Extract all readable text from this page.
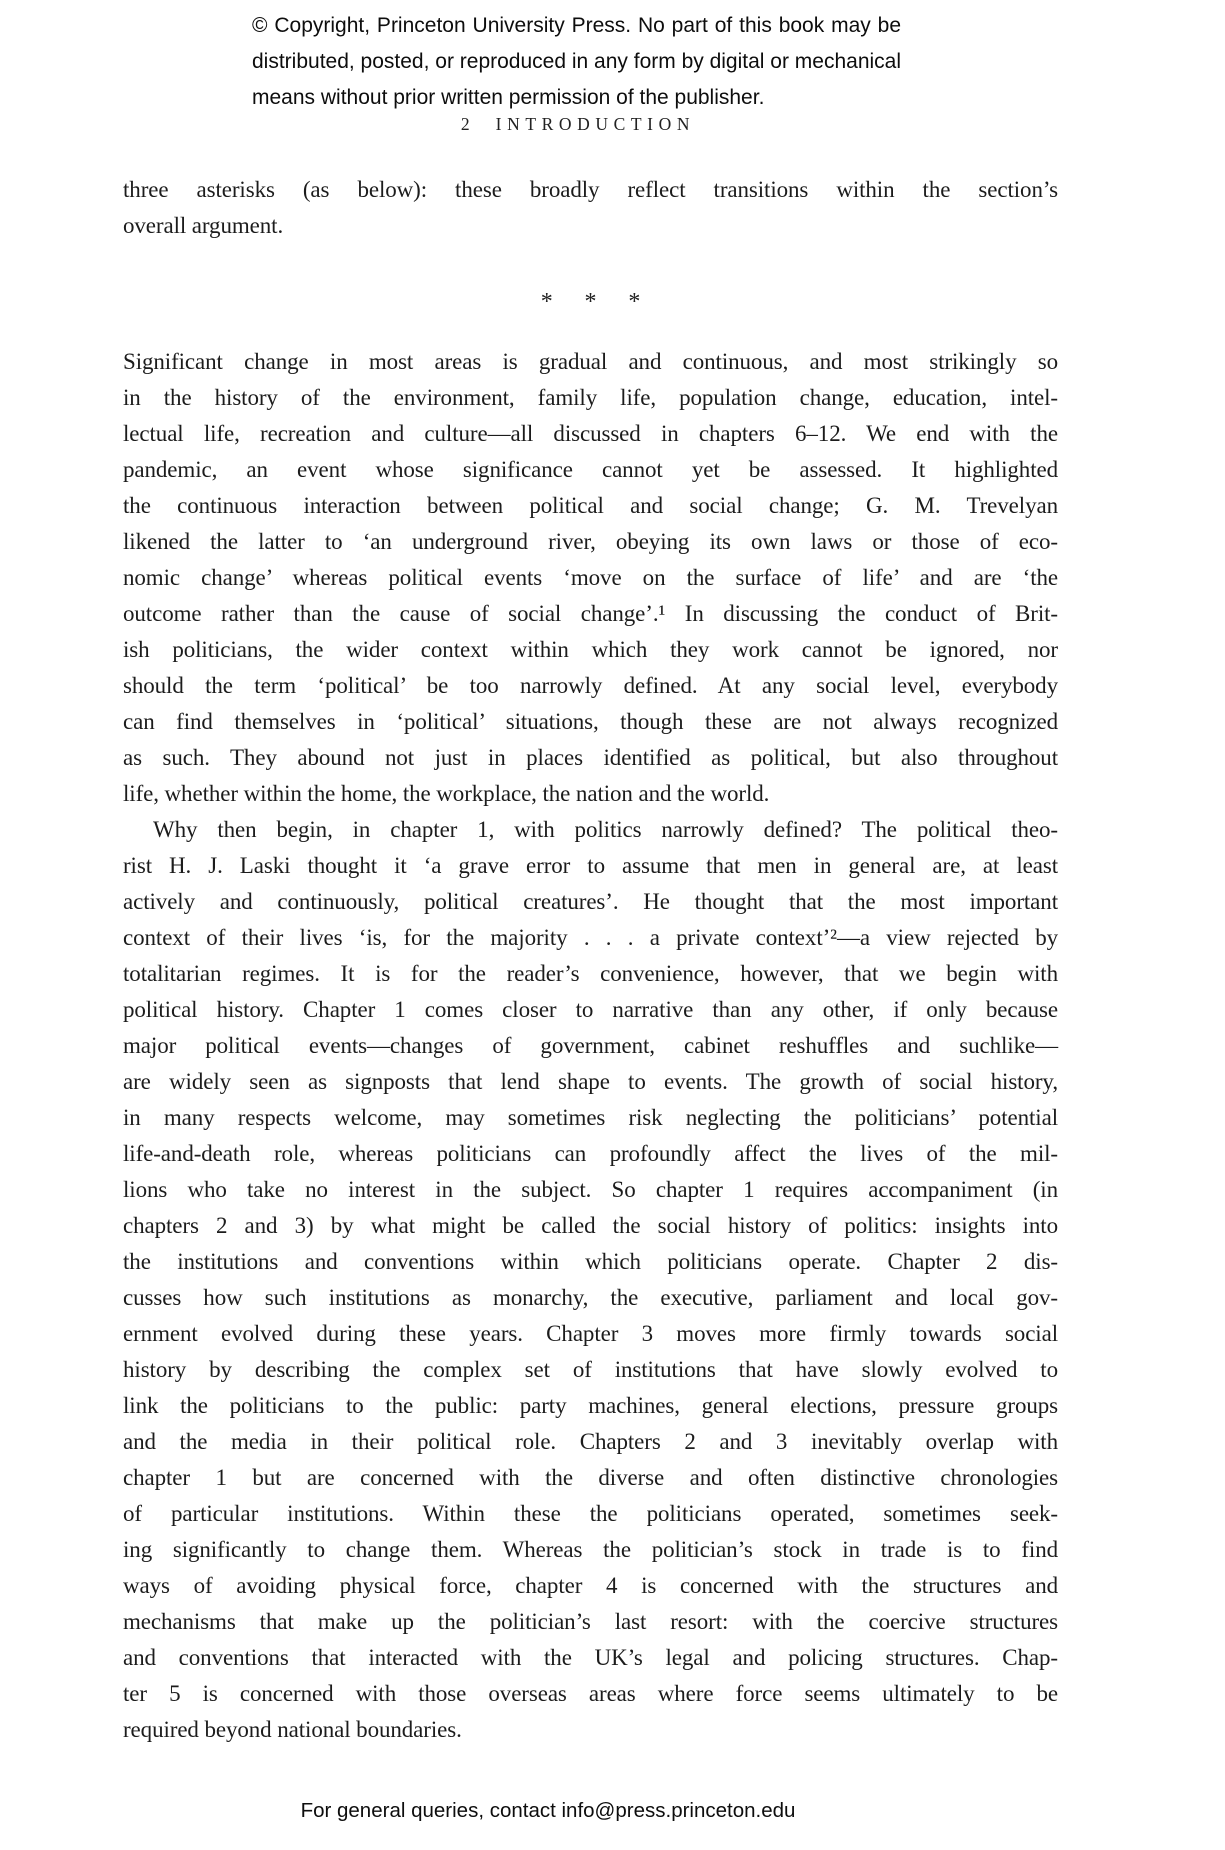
© Copyright, Princeton University Press. No part of this book may be
distributed, posted, or reproduced in any form by digital or mechanical
means without prior written permission of the publisher.
2 INTRODUCTION
three asterisks (as below): these broadly reflect transitions within the section’s
overall argument.
* * *
Significant change in most areas is gradual and continuous, and most strikingly so
in the history of the environment, family life, population change, education, intel-
lectual life, recreation and culture—all discussed in chapters 6–12. We end with the
pandemic, an event whose significance cannot yet be assessed. It highlighted
the continuous interaction between political and social change; G. M. Trevelyan
likened the latter to ‘an underground river, obeying its own laws or those of eco-
nomic change’ whereas political events ‘move on the surface of life’ and are ‘the
outcome rather than the cause of social change’.¹ In discussing the conduct of Brit-
ish politicians, the wider context within which they work cannot be ignored, nor
should the term ‘political’ be too narrowly defined. At any social level, everybody
can find themselves in ‘political’ situations, though these are not always recognized
as such. They abound not just in places identified as political, but also throughout
life, whether within the home, the workplace, the nation and the world.
Why then begin, in chapter 1, with politics narrowly defined? The political theo-
rist H. J. Laski thought it ‘a grave error to assume that men in general are, at least
actively and continuously, political creatures’. He thought that the most important
context of their lives ‘is, for the majority . . . a private context’²—a view rejected by
totalitarian regimes. It is for the reader’s convenience, however, that we begin with
political history. Chapter 1 comes closer to narrative than any other, if only because
major political events—changes of government, cabinet reshuffles and suchlike—
are widely seen as signposts that lend shape to events. The growth of social history,
in many respects welcome, may sometimes risk neglecting the politicians’ potential
life-and-death role, whereas politicians can profoundly affect the lives of the mil-
lions who take no interest in the subject. So chapter 1 requires accompaniment (in
chapters 2 and 3) by what might be called the social history of politics: insights into
the institutions and conventions within which politicians operate. Chapter 2 dis-
cusses how such institutions as monarchy, the executive, parliament and local gov-
ernment evolved during these years. Chapter 3 moves more firmly towards social
history by describing the complex set of institutions that have slowly evolved to
link the politicians to the public: party machines, general elections, pressure groups
and the media in their political role. Chapters 2 and 3 inevitably overlap with
chapter 1 but are concerned with the diverse and often distinctive chronologies
of particular institutions. Within these the politicians operated, sometimes seek-
ing significantly to change them. Whereas the politician’s stock in trade is to find
ways of avoiding physical force, chapter 4 is concerned with the structures and
mechanisms that make up the politician’s last resort: with the coercive structures
and conventions that interacted with the UK’s legal and policing structures. Chap-
ter 5 is concerned with those overseas areas where force seems ultimately to be
required beyond national boundaries.
For general queries, contact info@press.princeton.edu
